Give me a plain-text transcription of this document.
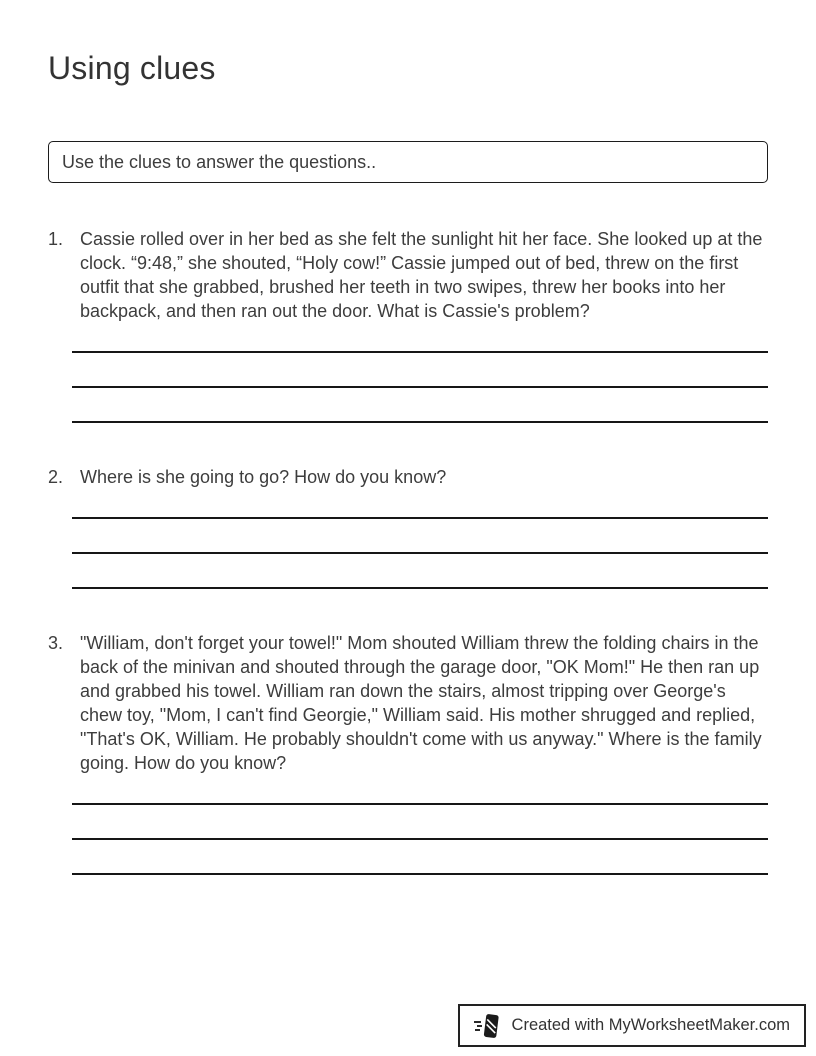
Using clues
Use the clues to answer the questions..
1. Cassie rolled over in her bed as she felt the sunlight hit her face. She looked up at the clock. “9:48,” she shouted, “Holy cow!” Cassie jumped out of bed, threw on the first outfit that she grabbed, brushed her teeth in two swipes, threw her books into her backpack, and then ran out the door. What is Cassie's problem?
2. Where is she going to go? How do you know?
3. "William, don't forget your towel!" Mom shouted William threw the folding chairs in the back of the minivan and shouted through the garage door, "OK Mom!" He then ran up and grabbed his towel. William ran down the stairs, almost tripping over George's chew toy, "Mom, I can't find Georgie," William said. His mother shrugged and replied, "That's OK, William. He probably shouldn't come with us anyway." Where is the family going. How do you know?
Created with MyWorksheetMaker.com
